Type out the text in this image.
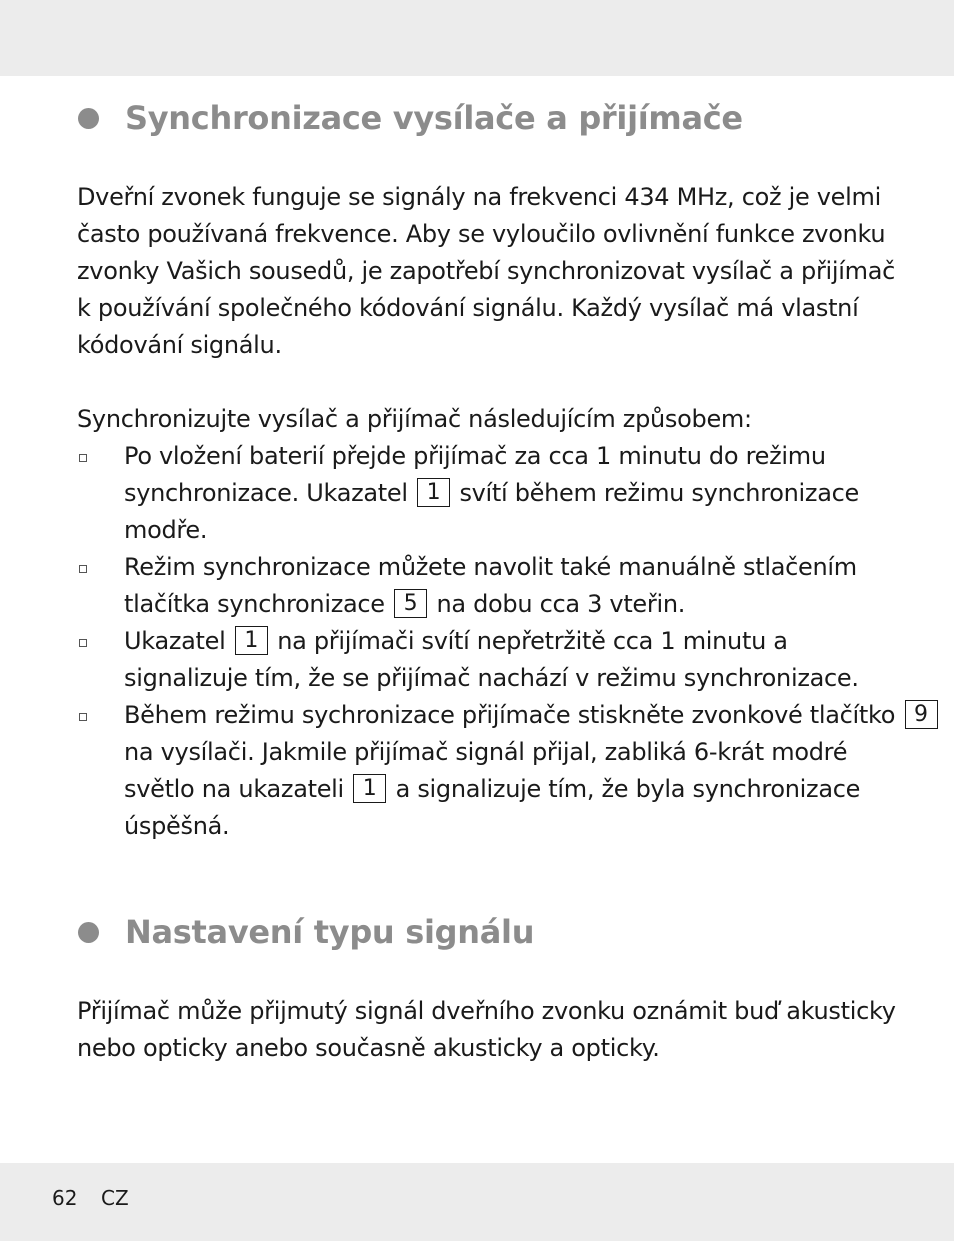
Synchronizace vysílače a přijímače
Dveřní zvonek funguje se signály na frekvenci 434 MHz, což je velmi
často používaná frekvence. Aby se vyloučilo ovlivnění funkce zvonku
zvonky Vašich sousedů, je zapotřebí synchronizovat vysílač a přijímač
k používání společného kódování signálu. Každý vysílač má vlastní
kódování signálu.

Synchronizujte vysílač a přijímač následujícím způsobem:

Po vložení baterií přejde přijímač za cca 1 minutu do režimu
synchronizace. Ukazatel 1 svítí během režimu synchronizace
modře.
Režim synchronizace můžete navolit také manuálně stlačením
tlačítka synchronizace 5 na dobu cca 3 vteřin.
Ukazatel 1 na přijímači svítí nepřetržitě cca 1 minutu a
signalizuje tím, že se přijímač nachází v režimu synchronizace.
Během režimu sychronizace přijímače stiskněte zvonkové tlačítko 9
na vysílači. Jakmile přijímač signál přijal, zabliká 6-krát modré
světlo na ukazateli 1 a signalizuje tím, že byla synchronizace
úspěšná.
Nastavení typu signálu
Přijímač může přijmutý signál dveřního zvonku oznámit buď akusticky
nebo opticky anebo současně akusticky a opticky.
62 CZ
